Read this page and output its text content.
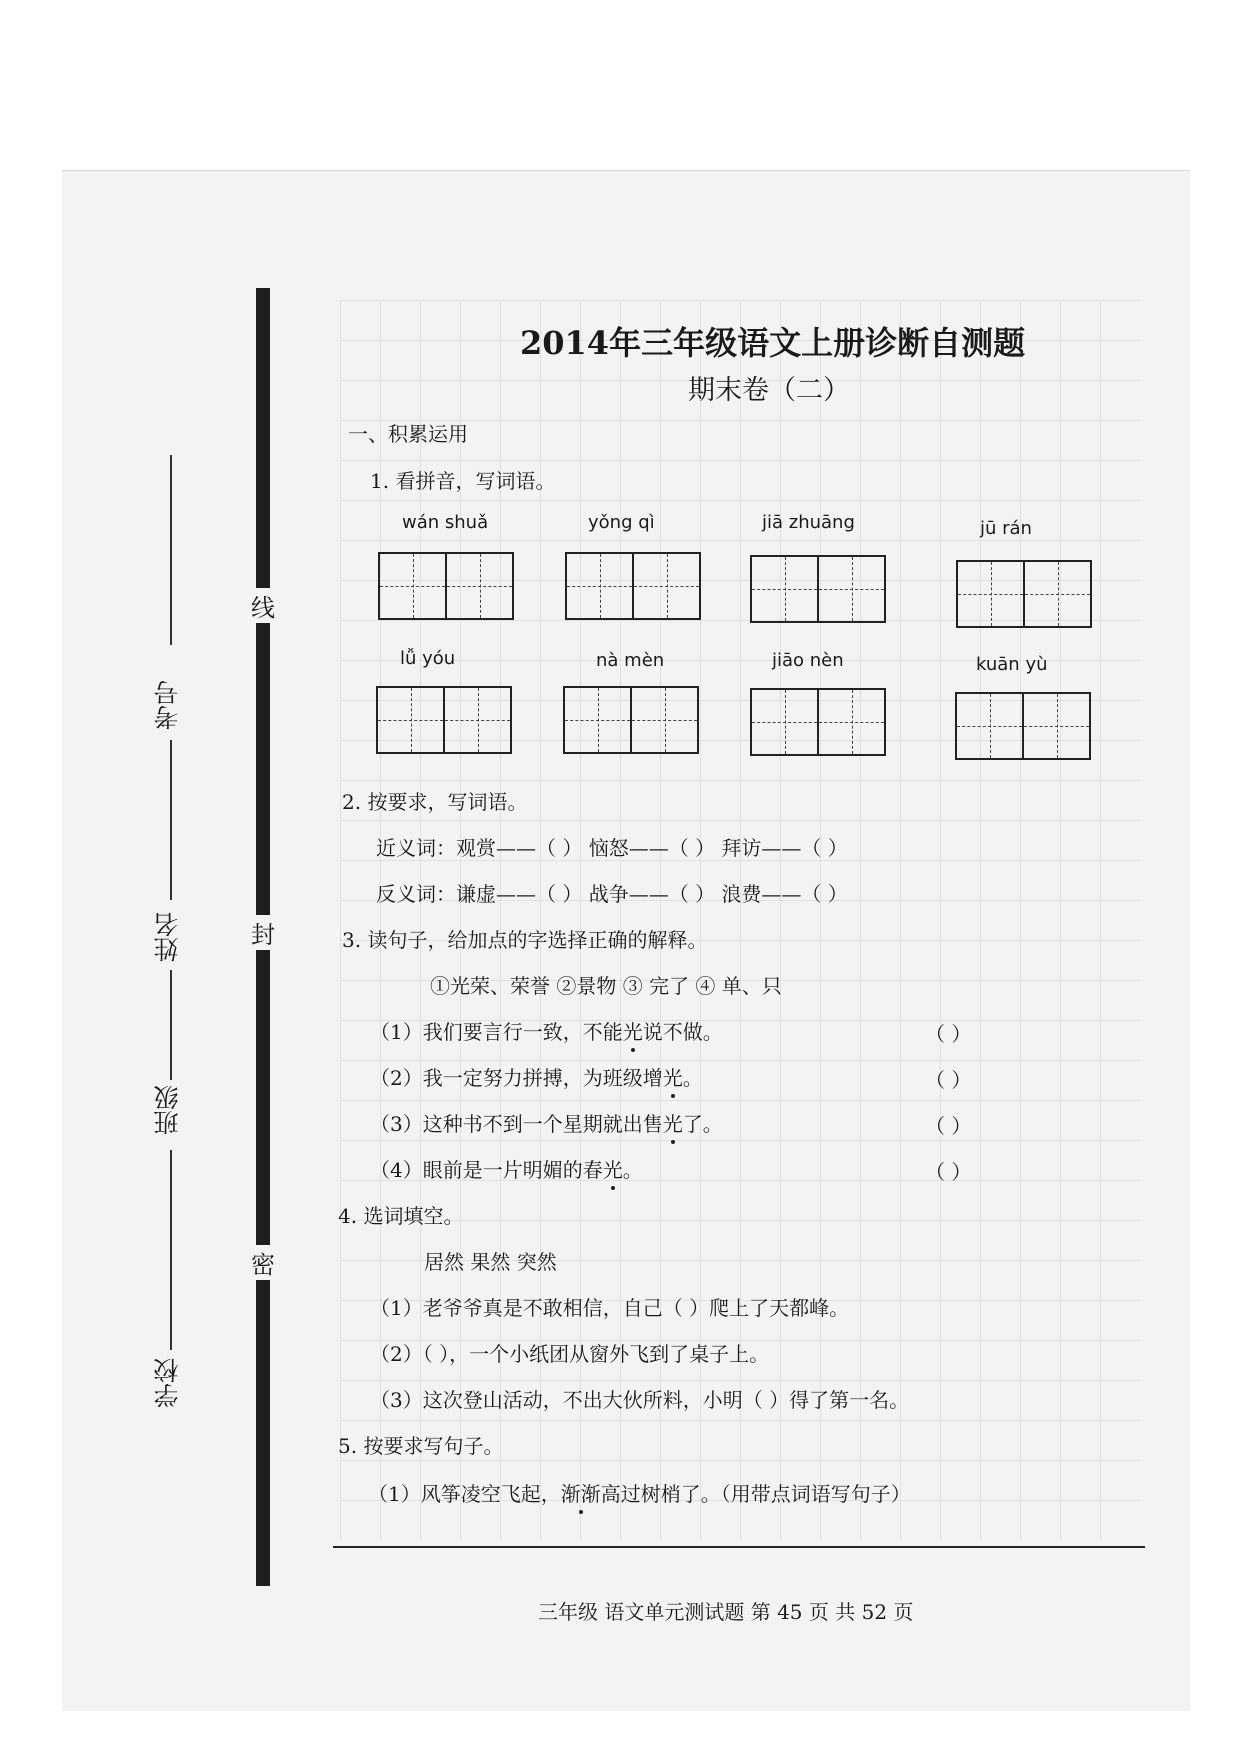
线
封
密
考号
姓名
班级
学校
2014年三年级语文上册诊断自测题
期末卷（二）
一、积累运用
1. 看拼音，写词语。
wán shuǎ	yǒng qì	jiā zhuāng	jū rán
lǚ yóu	nà mèn	jiāo nèn	kuān yù
2. 按要求，写词语。
近义词：观赏——（ ） 恼怒——（ ） 拜访——（ ）
反义词：谦虚——（ ） 战争——（ ） 浪费——（ ）
3. 读句子，给加点的字选择正确的解释。
①光荣、荣誉 ②景物 ③ 完了 ④ 单、只
（1）我们要言行一致，不能光说不做。	（ ）
（2）我一定努力拼搏，为班级增光。	（ ）
（3）这种书不到一个星期就出售光了。	（ ）
（4）眼前是一片明媚的春光。	（ ）
4. 选词填空。
居然 果然 突然
（1）老爷爷真是不敢相信，自己（ ）爬上了天都峰。
（2）（ ），一个小纸团从窗外飞到了桌子上。
（3）这次登山活动，不出大伙所料，小明（ ）得了第一名。
5. 按要求写句子。
（1）风筝凌空飞起，渐渐高过树梢了。（用带点词语写句子）
三年级 语文单元测试题 第 45 页 共 52 页
